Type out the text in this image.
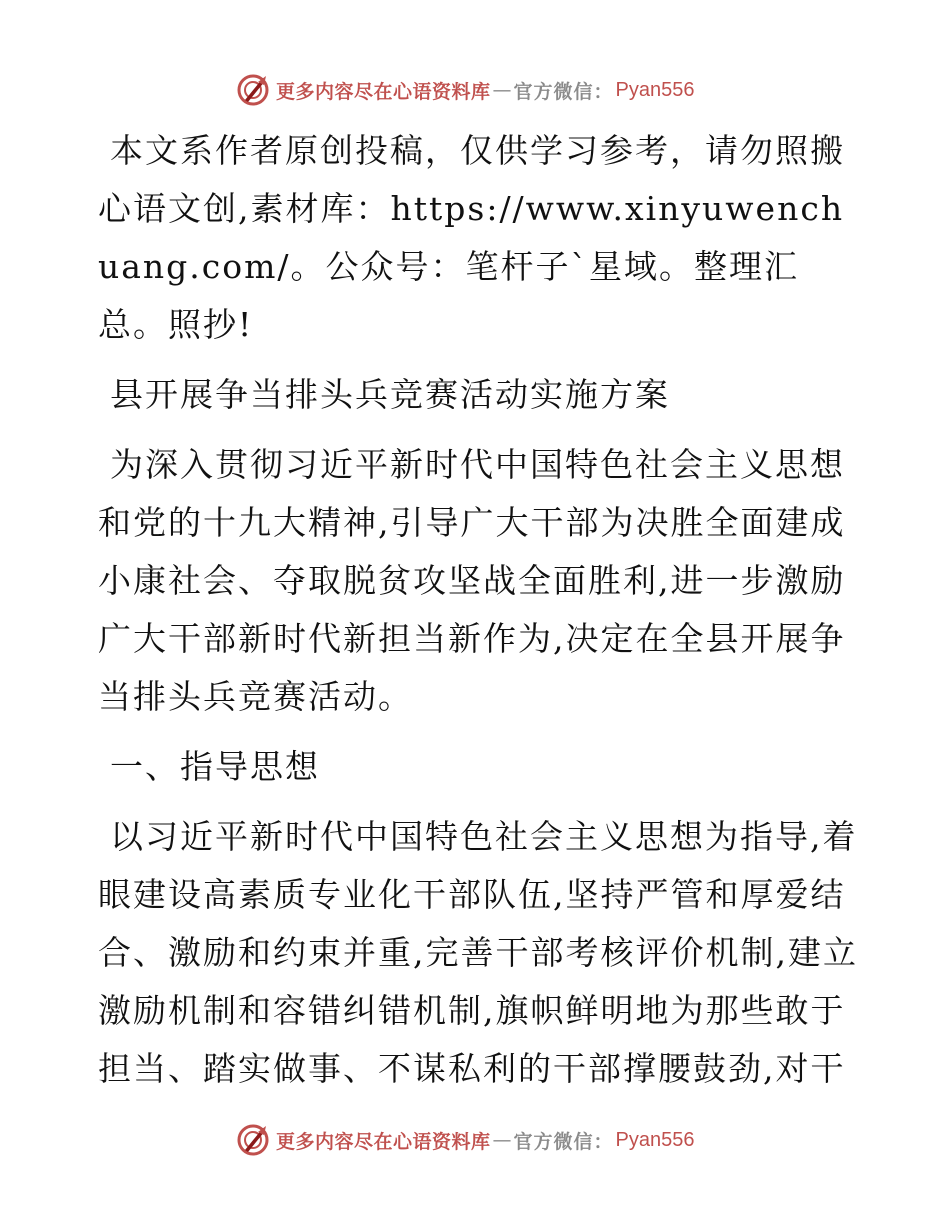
更多内容尽在心语资料库 — 官方微信： Pyan556

本文系作者原创投稿，仅供学习参考，请勿照搬心语文创,素材库：https://www.xinyuwenchuang.com/。公众号：笔杆子`星域。整理汇总。照抄!

县开展争当排头兵竞赛活动实施方案

为深入贯彻习近平新时代中国特色社会主义思想和党的十九大精神,引导广大干部为决胜全面建成小康社会、夺取脱贫攻坚战全面胜利,进一步激励广大干部新时代新担当新作为,决定在全县开展争当排头兵竞赛活动。

一、指导思想

以习近平新时代中国特色社会主义思想为指导,着眼建设高素质专业化干部队伍,坚持严管和厚爱结合、激励和约束并重,完善干部考核评价机制,建立激励机制和容错纠错机制,旗帜鲜明地为那些敢于担当、踏实做事、不谋私利的干部撑腰鼓劲,对干

更多内容尽在心语资料库 — 官方微信： Pyan556
